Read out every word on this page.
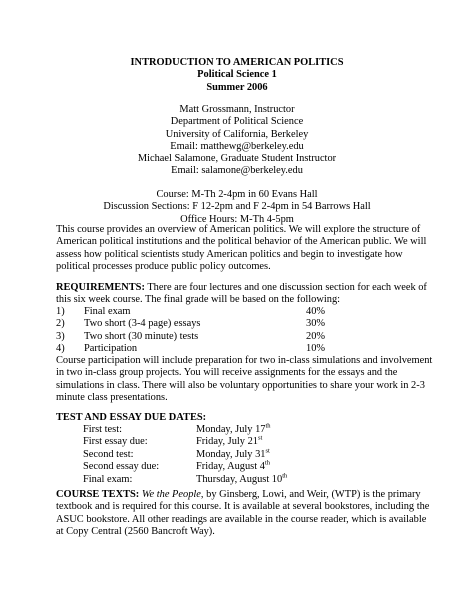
INTRODUCTION TO AMERICAN POLITICS
Political Science 1
Summer 2006
Matt Grossmann, Instructor
Department of Political Science
University of California, Berkeley
Email: matthewg@berkeley.edu
Michael Salamone, Graduate Student Instructor
Email: salamone@berkeley.edu
Course: M-Th 2-4pm in 60 Evans Hall
Discussion Sections: F 12-2pm and F 2-4pm in 54 Barrows Hall
Office Hours: M-Th 4-5pm
This course provides an overview of American politics. We will explore the structure of American political institutions and the political behavior of the American public. We will assess how political scientists study American politics and begin to investigate how political processes produce public policy outcomes.
REQUIREMENTS: There are four lectures and one discussion section for each week of this six week course. The final grade will be based on the following:
1) Final exam	40%
2) Two short (3-4 page) essays	30%
3) Two short (30 minute) tests	20%
4) Participation	10%
Course participation will include preparation for two in-class simulations and involvement in two in-class group projects. You will receive assignments for the essays and the simulations in class. There will also be voluntary opportunities to share your work in 2-3 minute class presentations.
TEST AND ESSAY DUE DATES:
First test:	Monday, July 17th
First essay due:	Friday, July 21st
Second test:	Monday, July 31st
Second essay due:	Friday, August 4th
Final exam:	Thursday, August 10th
COURSE TEXTS: We the People, by Ginsberg, Lowi, and Weir, (WTP) is the primary textbook and is required for this course. It is available at several bookstores, including the ASUC bookstore. All other readings are available in the course reader, which is available at Copy Central (2560 Bancroft Way).
